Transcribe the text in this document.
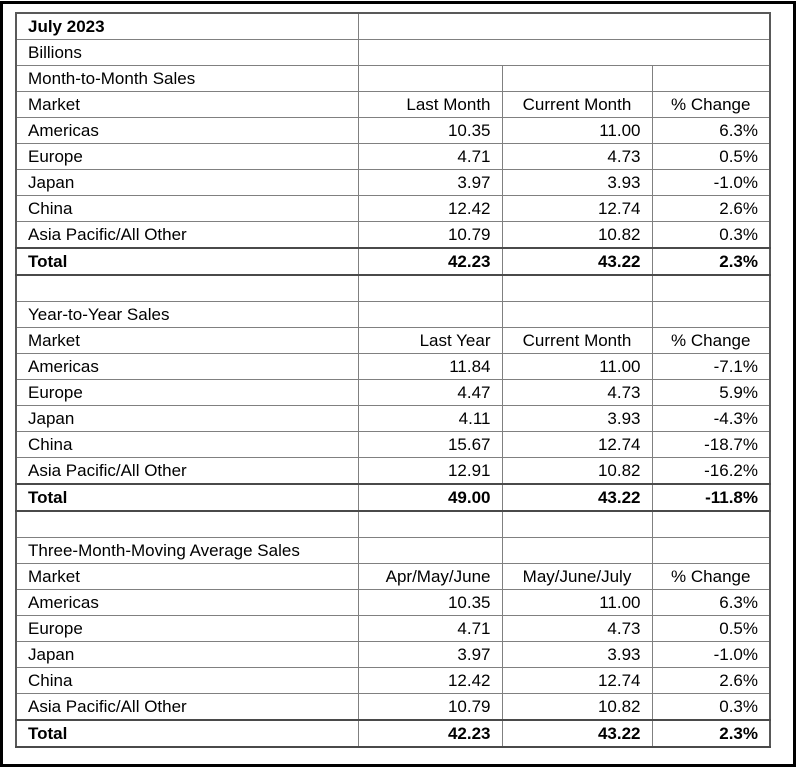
July 2023			
Billions			
Month-to-Month Sales			
Market	Last Month	Current Month	% Change
Americas	10.35	11.00	6.3%
Europe	4.71	4.73	0.5%
Japan	3.97	3.93	-1.0%
China	12.42	12.74	2.6%
Asia Pacific/All Other	10.79	10.82	0.3%
Total	42.23	43.22	2.3%

Year-to-Year Sales			
Market	Last Year	Current Month	% Change
Americas	11.84	11.00	-7.1%
Europe	4.47	4.73	5.9%
Japan	4.11	3.93	-4.3%
China	15.67	12.74	-18.7%
Asia Pacific/All Other	12.91	10.82	-16.2%
Total	49.00	43.22	-11.8%

Three-Month-Moving Average Sales			
Market	Apr/May/June	May/June/July	% Change
Americas	10.35	11.00	6.3%
Europe	4.71	4.73	0.5%
Japan	3.97	3.93	-1.0%
China	12.42	12.74	2.6%
Asia Pacific/All Other	10.79	10.82	0.3%
Total	42.23	43.22	2.3%
